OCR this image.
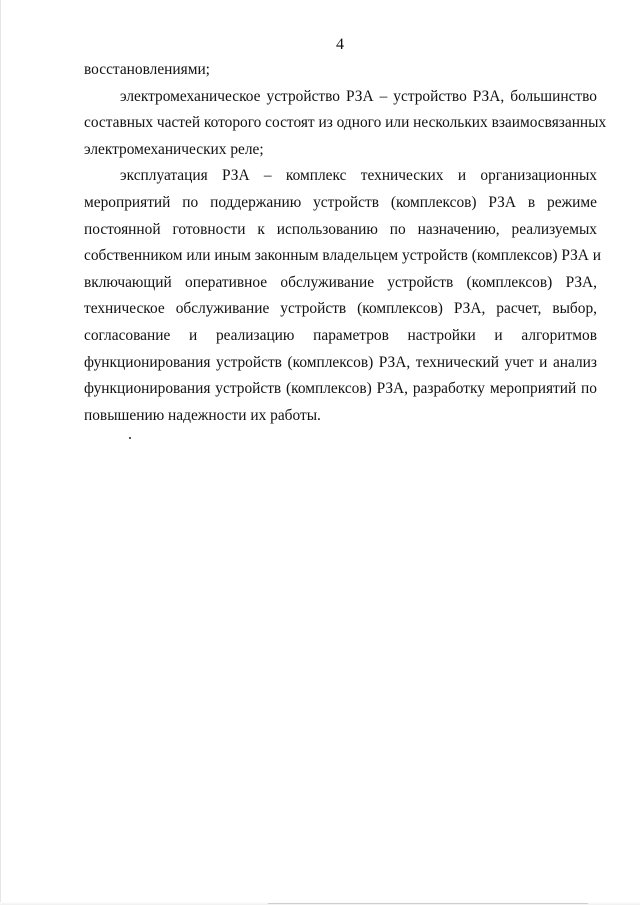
4

восстановлениями;

электромеханическое устройство РЗА – устройство РЗА, большинство
составных частей которого состоят из одного или нескольких взаимосвязанных
электромеханических реле;

эксплуатация РЗА – комплекс технических и организационных
мероприятий по поддержанию устройств (комплексов) РЗА в режиме
постоянной готовности к использованию по назначению, реализуемых
собственником или иным законным владельцем устройств (комплексов) РЗА и
включающий оперативное обслуживание устройств (комплексов) РЗА,
техническое обслуживание устройств (комплексов) РЗА, расчет, выбор,
согласование и реализацию параметров настройки и алгоритмов
функционирования устройств (комплексов) РЗА, технический учет и анализ
функционирования устройств (комплексов) РЗА, разработку мероприятий по
повышению надежности их работы.
